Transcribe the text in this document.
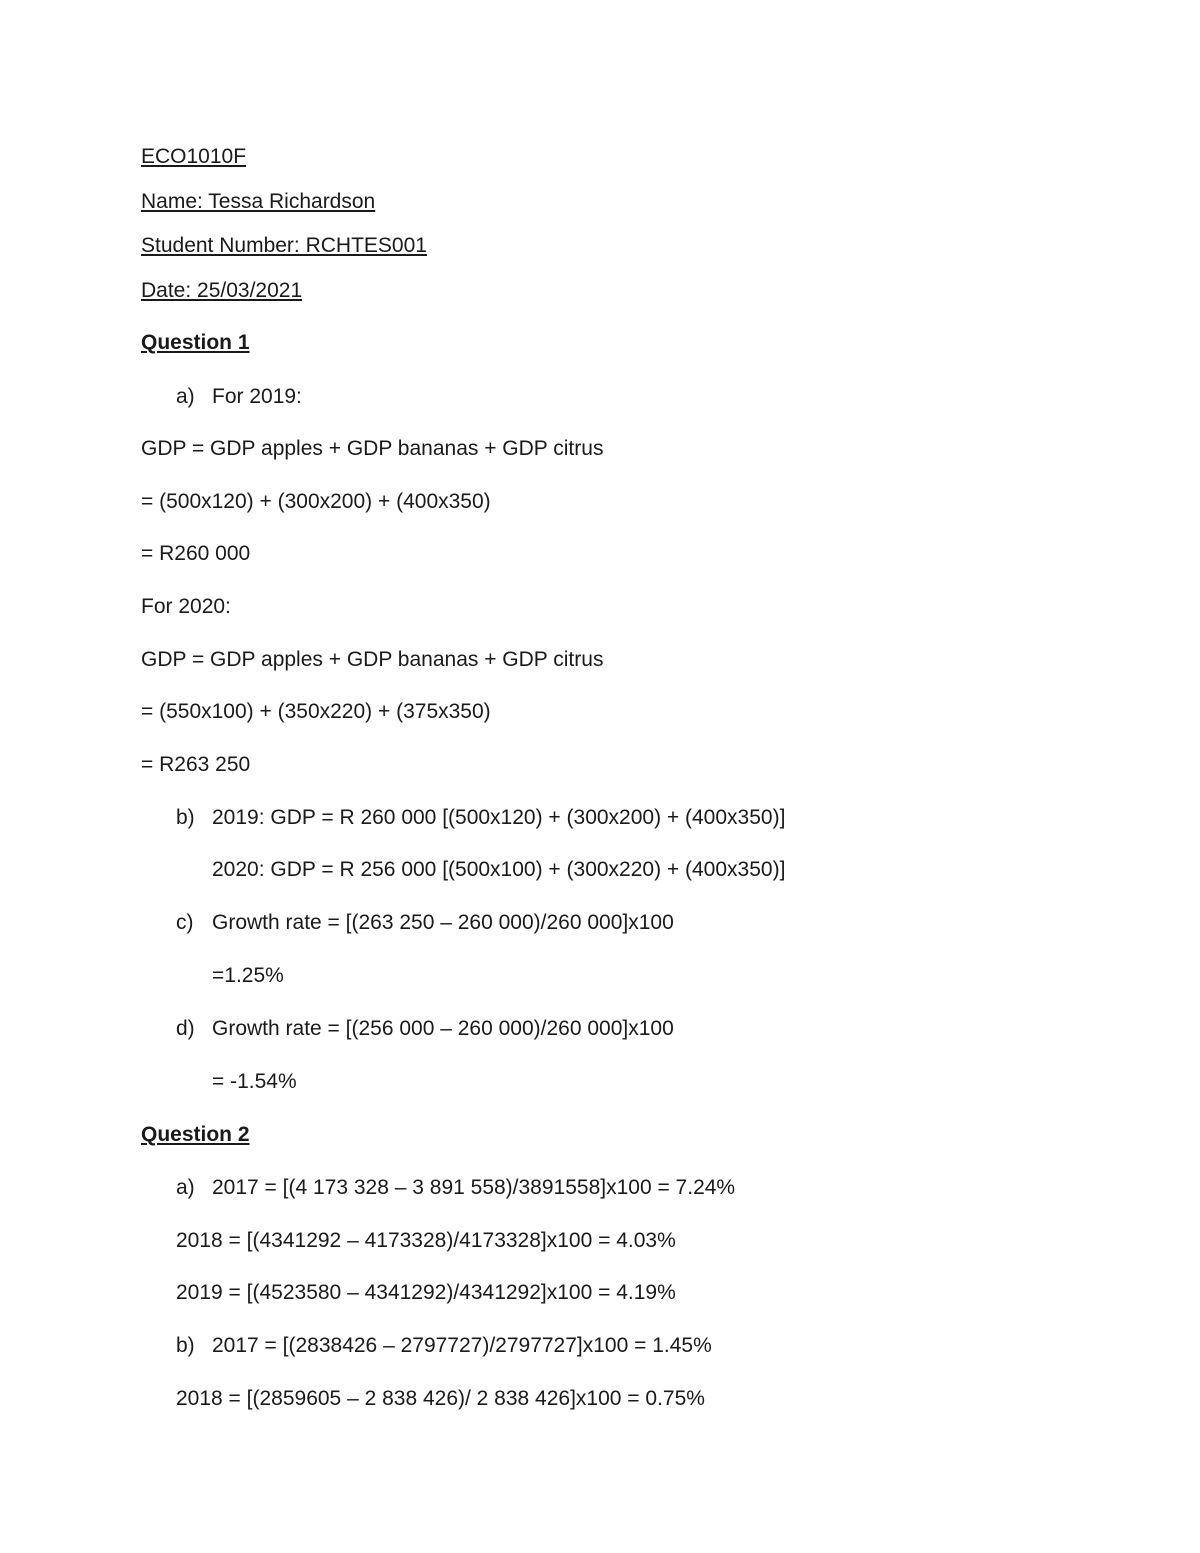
ECO1010F

Name: Tessa Richardson

Student Number: RCHTES001

Date: 25/03/2021

Question 1

a) For 2019:

GDP = GDP apples + GDP bananas + GDP citrus

= (500x120) + (300x200) + (400x350)

= R260 000

For 2020:

GDP = GDP apples + GDP bananas + GDP citrus

= (550x100) + (350x220) + (375x350)

= R263 250

b) 2019: GDP = R 260 000 [(500x120) + (300x200) + (400x350)]

2020: GDP = R 256 000 [(500x100) + (300x220) + (400x350)]

c) Growth rate = [(263 250 – 260 000)/260 000]x100

=1.25%

d) Growth rate = [(256 000 – 260 000)/260 000]x100

= -1.54%

Question 2

a) 2017 = [(4 173 328 – 3 891 558)/3891558]x100 = 7.24%

2018 = [(4341292 – 4173328)/4173328]x100 = 4.03%

2019 = [(4523580 – 4341292)/4341292]x100 = 4.19%

b) 2017 = [(2838426 – 2797727)/2797727]x100 = 1.45%

2018 = [(2859605 – 2 838 426)/ 2 838 426]x100 = 0.75%
